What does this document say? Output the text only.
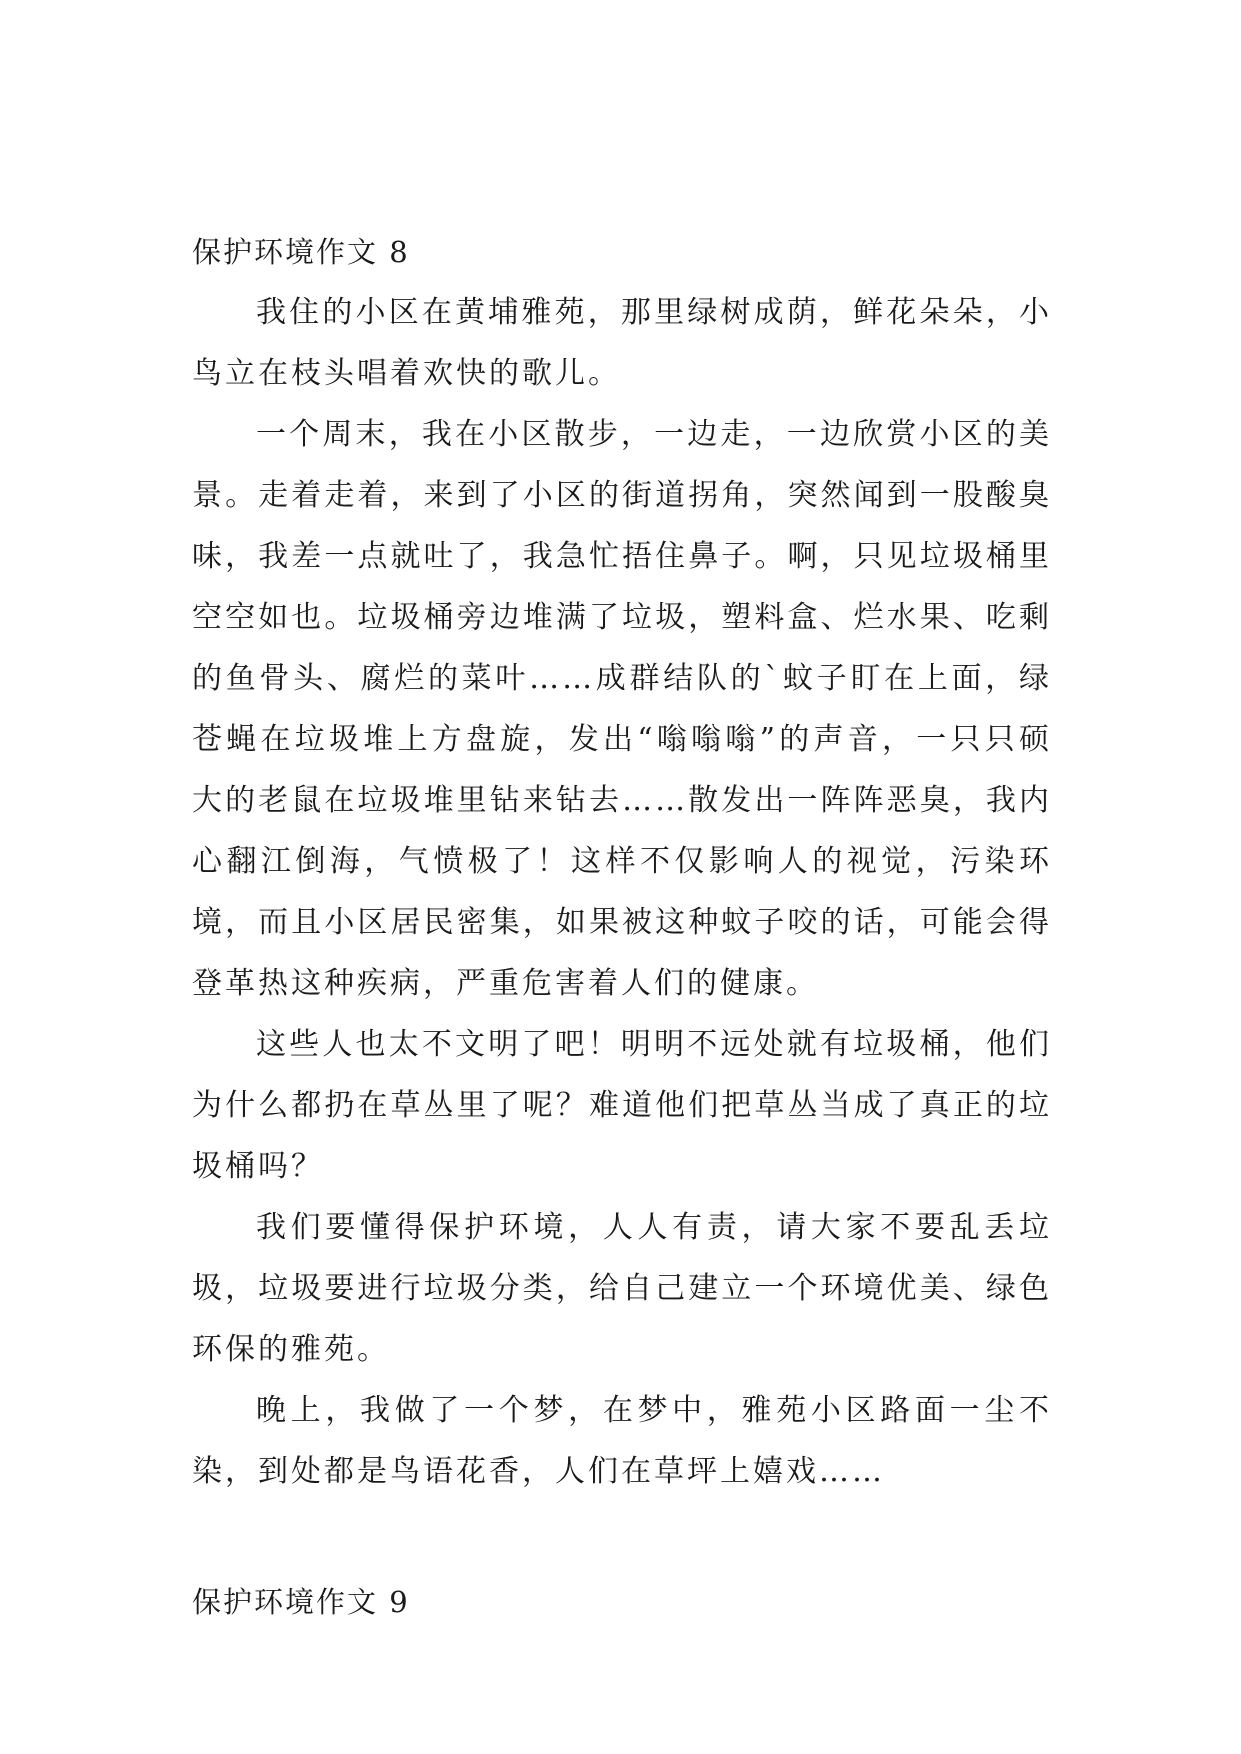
保护环境作文 8

我住的小区在黄埔雅苑，那里绿树成荫，鲜花朵朵，小鸟立在枝头唱着欢快的歌儿。

一个周末，我在小区散步，一边走，一边欣赏小区的美景。走着走着，来到了小区的街道拐角，突然闻到一股酸臭味，我差一点就吐了，我急忙捂住鼻子。啊，只见垃圾桶里空空如也。垃圾桶旁边堆满了垃圾，塑料盒、烂水果、吃剩的鱼骨头、腐烂的菜叶……成群结队的`蚊子盯在上面，绿苍蝇在垃圾堆上方盘旋，发出“嗡嗡嗡”的声音，一只只硕大的老鼠在垃圾堆里钻来钻去……散发出一阵阵恶臭，我内心翻江倒海，气愤极了！这样不仅影响人的视觉，污染环境，而且小区居民密集，如果被这种蚊子咬的话，可能会得登革热这种疾病，严重危害着人们的健康。

这些人也太不文明了吧！明明不远处就有垃圾桶，他们为什么都扔在草丛里了呢？难道他们把草丛当成了真正的垃圾桶吗？

我们要懂得保护环境，人人有责，请大家不要乱丢垃圾，垃圾要进行垃圾分类，给自己建立一个环境优美、绿色环保的雅苑。

晚上，我做了一个梦，在梦中，雅苑小区路面一尘不染，到处都是鸟语花香，人们在草坪上嬉戏……

保护环境作文 9
